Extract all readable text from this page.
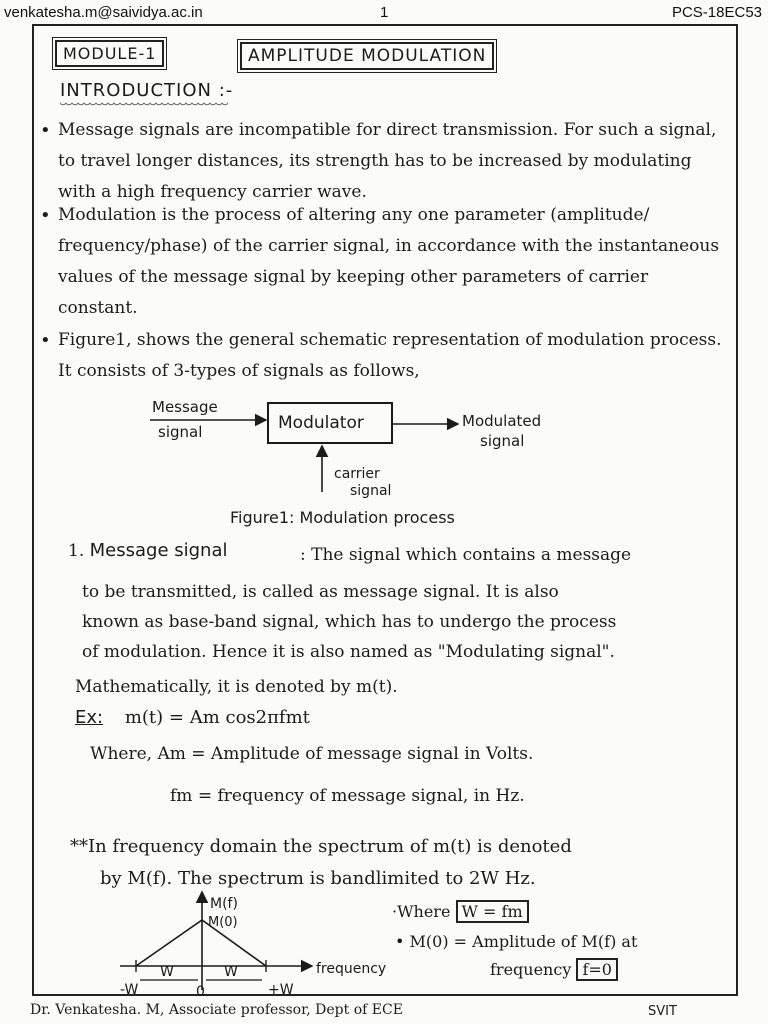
venkatesha.m@saividya.ac.in	1	PCS-18EC53
MODULE-1	AMPLITUDE MODULATION
INTRODUCTION :-
• Message signals are incompatible for direct transmission. For such a signal, to travel longer distances, its strength has to be increased by modulating with a high frequency carrier wave.
• Modulation is the process of altering any one parameter (amplitude/ frequency/phase) of the carrier signal, in accordance with the instantaneous values of the message signal by keeping other parameters of carrier constant.
• Figure1, shows the general schematic representation of modulation process. It consists of 3-types of signals as follows,
Modulator
Message
signal
Modulated
signal
carrier
signal
M(f)
M(0)
frequency
-W	0	+W
W	W
Figure1: Modulation process
1. Message signal	: The signal which contains a message
to be transmitted, is called as message signal. It is also
known as base-band signal, which has to undergo the process
of modulation. Hence it is also named as "Modulating signal".
Mathematically, it is denoted by m(t).
Ex: m(t) = Am cos2πfmt
Where, Am = Amplitude of message signal in Volts.
fm = frequency of message signal, in Hz.
**In frequency domain the spectrum of m(t) is denoted
by M(f). The spectrum is bandlimited to 2W Hz.
·Where W = fm
• M(0) = Amplitude of M(f) at
frequency f=0
Dr. Venkatesha. M, Associate professor, Dept of ECE	SVIT
